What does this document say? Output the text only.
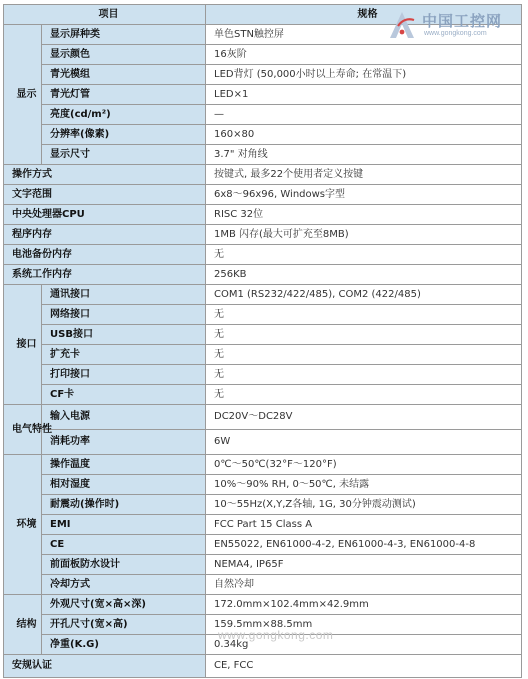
项目		规格
显示	显示屏种类	单色STN触控屏
	显示颜色	16灰阶
	青光模组	LED背灯 (50,000小时以上寿命; 在常温下)
	青光灯管	LED×1
	亮度(cd/m²)	—
	分辨率(像素)	160×80
	显示尺寸	3.7" 对角线
操作方式		按键式, 最多22个使用者定义按键
文字范围		6x8～96x96, Windows字型
中央处理器CPU		RISC 32位
程序内存		1MB 闪存(最大可扩充至8MB)
电池备份内存		无
系统工作内存		256KB
接口	通讯接口	COM1 (RS232/422/485), COM2 (422/485)
	网络接口	无
	USB接口	无
	扩充卡	无
	打印接口	无
	CF卡	无
电气特性	输入电源	DC20V～DC28V
	消耗功率	6W
环境	操作温度	0℃～50℃(32°F～120°F)
	相对湿度	10%～90% RH, 0～50℃, 未结露
	耐震动(操作时)	10～55Hz(X,Y,Z各轴, 1G, 30分钟震动测试)
	EMI	FCC Part 15 Class A
	CE	EN55022, EN61000-4-2, EN61000-4-3, EN61000-4-8
	前面板防水设计	NEMA4, IP65F
	冷却方式	自然冷却
结构	外观尺寸(宽×高×深)	172.0mm×102.4mm×42.9mm
	开孔尺寸(宽×高)	159.5mm×88.5mm
	净重(K.G)	0.34kg
安规认证		CE, FCC
中国工控网
www.gongkong.com
www.gongkong.com
